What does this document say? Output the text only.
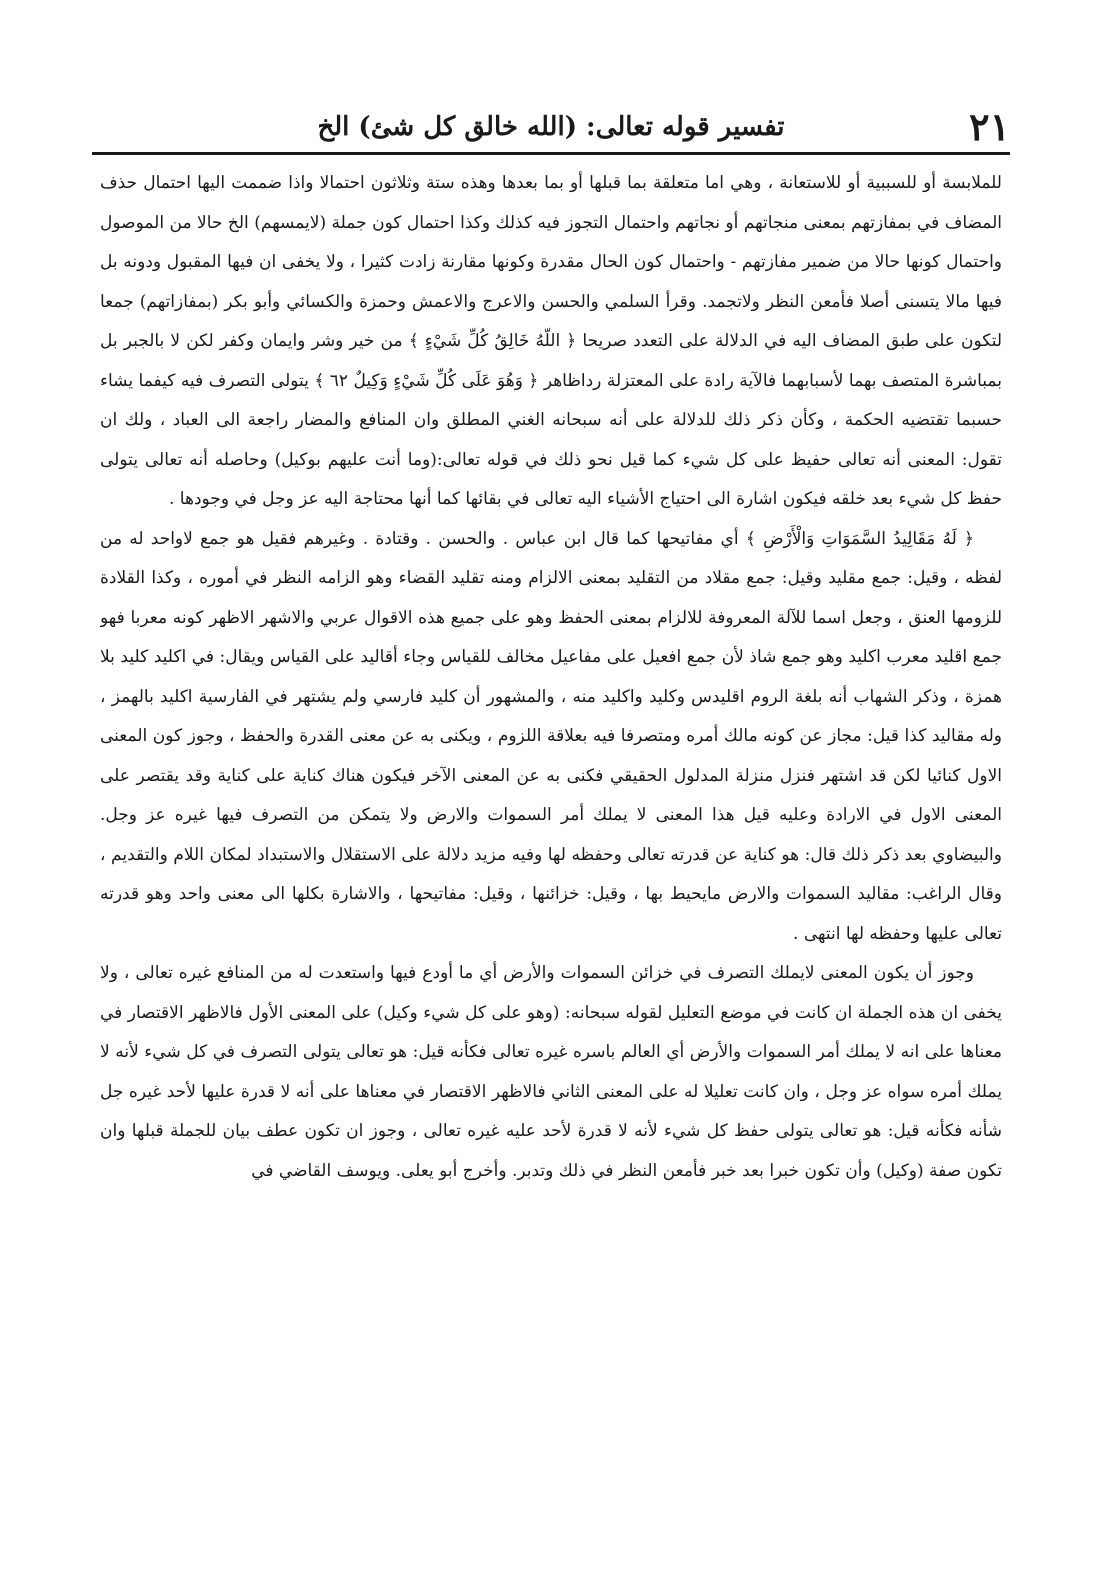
٢١
تفسير قوله تعالى: (الله خالق كل شئ) الخ

للملابسة أو للسببية أو للاستعانة ، وهي اما متعلقة بما قبلها أو بما بعدها وهذه ستة وثلاثون احتمالا واذا ضممت اليها احتمال حذف المضاف في بمفازتهم بمعنى منجاتهم أو نجاتهم واحتمال التجوز فيه كذلك وكذا احتمال كون جملة (لايمسهم) الخ حالا من الموصول واحتمال كونها حالا من ضمير مفازتهم - واحتمال كون الحال مقدرة وكونها مقارنة زادت كثيرا ، ولا يخفى ان فيها المقبول ودونه بل فيها مالا يتسنى أصلا فأمعن النظر ولاتجمد. وقرأ السلمي والحسن والاعرج والاعمش وحمزة والكسائي وأبو بكر (بمفازاتهم) جمعا لتكون على طبق المضاف اليه في الدلالة على التعدد صريحا ﴿ اللّهُ خَالِقُ كُلِّ شَيْءٍ ﴾ من خير وشر وايمان وكفر لكن لا بالجبر بل بمباشرة المتصف بهما لأسبابهما فالآية رادة على المعتزلة رداظاهر ﴿ وَهُوَ عَلَى كُلِّ شَيْءٍ وَكِيلٌ ٦٢ ﴾ يتولى التصرف فيه كيفما يشاء حسبما تقتضيه الحكمة ، وكأن ذكر ذلك للدلالة على أنه سبحانه الغني المطلق وان المنافع والمضار راجعة الى العباد ، ولك ان تقول: المعنى أنه تعالى حفيظ على كل شيء كما قيل نحو ذلك في قوله تعالى:(وما أنت عليهم بوكيل) وحاصله أنه تعالى يتولى حفظ كل شيء بعد خلقه فيكون اشارة الى احتياج الأشياء اليه تعالى في بقائها كما أنها محتاجة اليه عز وجل في وجودها .

﴿ لَهُ مَقَالِيدُ السَّمَوَاتِ وَالْأَرْضِ ﴾ أي مفاتيحها كما قال ابن عباس . والحسن . وقتادة . وغيرهم فقيل هو جمع لاواحد له من لفظه ، وقيل: جمع مقليد وقيل: جمع مقلاد من التقليد بمعنى الالزام ومنه تقليد القضاء وهو الزامه النظر في أموره ، وكذا القلادة للزومها العنق ، وجعل اسما للآلة المعروفة للالزام بمعنى الحفظ وهو على جميع هذه الاقوال عربي والاشهر الاظهر كونه معربا فهو جمع اقليد معرب اكليد وهو جمع شاذ لأن جمع افعيل على مفاعيل مخالف للقياس وجاء أقاليد على القياس ويقال: في اكليد كليد بلا همزة ، وذكر الشهاب أنه بلغة الروم اقليدس وكليد واكليد منه ، والمشهور أن كليد فارسي ولم يشتهر في الفارسية اكليد بالهمز ، وله مقاليد كذا قيل: مجاز عن كونه مالك أمره ومتصرفا فيه بعلاقة اللزوم ، ويكنى به عن معنى القدرة والحفظ ، وجوز كون المعنى الاول كنائيا لكن قد اشتهر فنزل منزلة المدلول الحقيقي فكنى به عن المعنى الآخر فيكون هناك كناية على كناية وقد يقتصر على المعنى الاول في الارادة وعليه قيل هذا المعنى لا يملك أمر السموات والارض ولا يتمكن من التصرف فيها غيره عز وجل. والبيضاوي بعد ذكر ذلك قال: هو كناية عن قدرته تعالى وحفظه لها وفيه مزيد دلالة على الاستقلال والاستبداد لمكان اللام والتقديم ، وقال الراغب: مقاليد السموات والارض مايحيط بها ، وقيل: خزائنها ، وقيل: مفاتيحها ، والاشارة بكلها الى معنى واحد وهو قدرته تعالى عليها وحفظه لها انتهى .

وجوز أن يكون المعنى لايملك التصرف في خزائن السموات والأرض أي ما أودع فيها واستعدت له من المنافع غيره تعالى ، ولا يخفى ان هذه الجملة ان كانت في موضع التعليل لقوله سبحانه: (وهو على كل شيء وكيل) على المعنى الأول فالاظهر الاقتصار في معناها على انه لا يملك أمر السموات والأرض أي العالم باسره غيره تعالى فكأنه قيل: هو تعالى يتولى التصرف في كل شيء لأنه لا يملك أمره سواه عز وجل ، وان كانت تعليلا له على المعنى الثاني فالاظهر الاقتصار في معناها على أنه لا قدرة عليها لأحد غيره جل شأنه فكأنه قيل: هو تعالى يتولى حفظ كل شيء لأنه لا قدرة لأحد عليه غيره تعالى ، وجوز ان تكون عطف بيان للجملة قبلها وان تكون صفة (وكيل) وأن تكون خبرا بعد خبر فأمعن النظر في ذلك وتدبر. وأخرج أبو يعلى. ويوسف القاضي في
